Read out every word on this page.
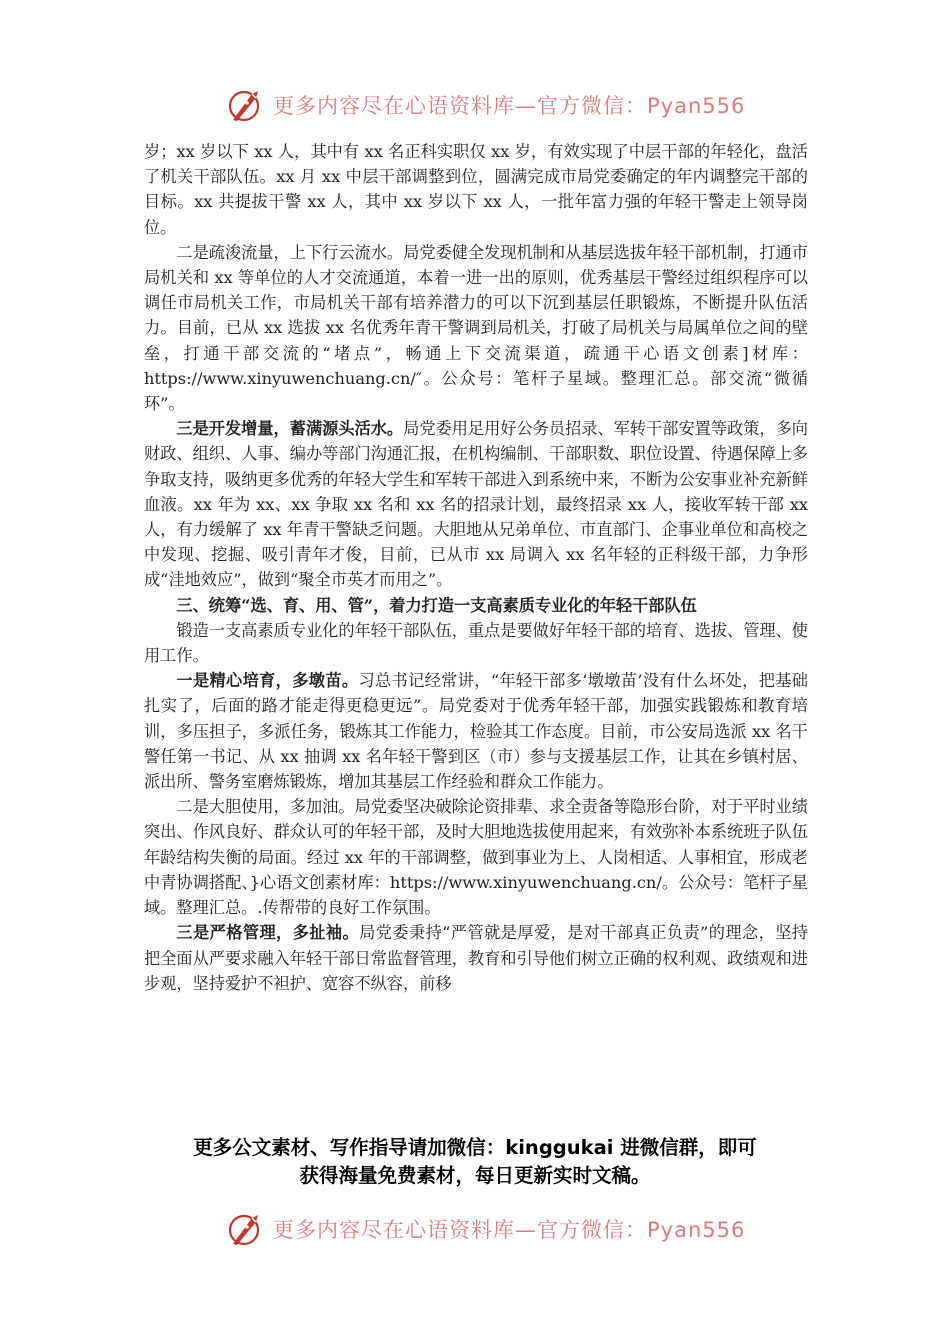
更多内容尽在心语资料库—官方微信：Pyan556

岁；xx 岁以下 xx 人，其中有 xx 名正科实职仅 xx 岁，有效实现了中层干部的年轻化，盘活了机关干部队伍。xx 月 xx 中层干部调整到位，圆满完成市局党委确定的年内调整完干部的目标。xx 共提拔干警 xx 人，其中 xx 岁以下 xx 人，一批年富力强的年轻干警走上领导岗位。

二是疏浚流量，上下行云流水。局党委健全发现机制和从基层选拔年轻干部机制，打通市局机关和 xx 等单位的人才交流通道，本着一进一出的原则，优秀基层干警经过组织程序可以调任市局机关工作，市局机关干部有培养潜力的可以下沉到基层任职锻炼，不断提升队伍活力。目前，已从 xx 选拔 xx 名优秀年青干警调到局机关，打破了局机关与局属单位之间的壁垒，打通干部交流的“堵点”，畅通上下交流渠道，疏通干心语文创素]材库：https://www.xinyuwenchuang.cn/″。公众号：笔杆子星域。整理汇总。部交流“微循环”。

三是开发增量，蓄满源头活水。局党委用足用好公务员招录、军转干部安置等政策，多向财政、组织、人事、编办等部门沟通汇报，在机构编制、干部职数、职位设置、待遇保障上多争取支持，吸纳更多优秀的年轻大学生和军转干部进入到系统中来，不断为公安事业补充新鲜血液。xx 年为 xx、xx 争取 xx 名和 xx 名的招录计划，最终招录 xx 人，接收军转干部 xx 人，有力缓解了 xx 年青干警缺乏问题。大胆地从兄弟单位、市直部门、企事业单位和高校之中发现、挖掘、吸引青年才俊，目前，已从市 xx 局调入 xx 名年轻的正科级干部，力争形成“洼地效应”，做到“聚全市英才而用之”。

三、统筹“选、育、用、管”，着力打造一支高素质专业化的年轻干部队伍

锻造一支高素质专业化的年轻干部队伍，重点是要做好年轻干部的培育、选拔、管理、使用工作。

一是精心培育，多墩苗。习总书记经常讲，“年轻干部多‘墩墩苗’没有什么坏处，把基础扎实了，后面的路才能走得更稳更远”。局党委对于优秀年轻干部，加强实践锻炼和教育培训，多压担子，多派任务，锻炼其工作能力，检验其工作态度。目前，市公安局选派 xx 名干警任第一书记、从 xx 抽调 xx 名年轻干警到区（市）参与支援基层工作，让其在乡镇村居、派出所、警务室磨炼锻炼，增加其基层工作经验和群众工作能力。

二是大胆使用，多加油。局党委坚决破除论资排辈、求全责备等隐形台阶，对于平时业绩突出、作风良好、群众认可的年轻干部，及时大胆地选拔使用起来，有效弥补本系统班子队伍年龄结构失衡的局面。经过 xx 年的干部调整，做到事业为上、人岗相适、人事相宜，形成老中青协调搭配、}心语文创素材库：https://www.xinyuwenchuang.cn/。公众号：笔杆子星域。整理汇总。.传帮带的良好工作氛围。

三是严格管理，多扯袖。局党委秉持“严管就是厚爱，是对干部真正负责”的理念，坚持把全面从严要求融入年轻干部日常监督管理，教育和引导他们树立正确的权利观、政绩观和进步观，坚持爱护不袒护、宽容不纵容，前移

更多公文素材、写作指导请加微信：kinggukai 进微信群，即可

获得海量免费素材，每日更新实时文稿。

更多内容尽在心语资料库—官方微信：Pyan556
